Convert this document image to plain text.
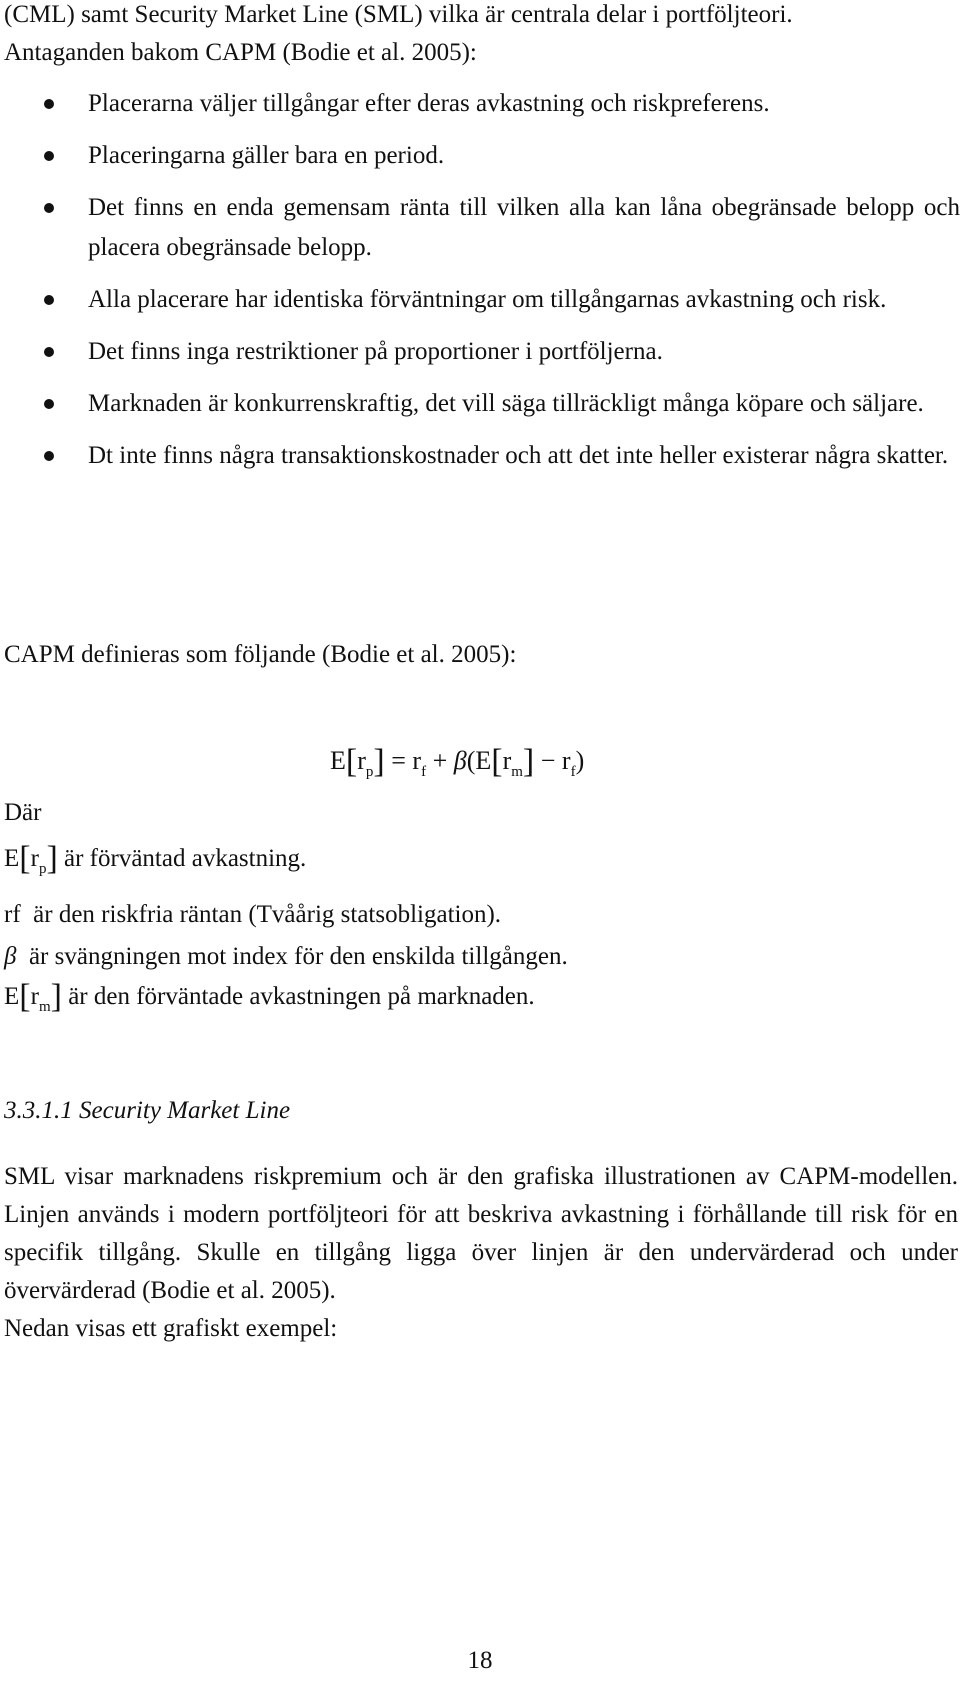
(CML) samt Security Market Line (SML) vilka är centrala delar i portföljteori.
Antaganden bakom CAPM (Bodie et al. 2005):
Placerarna väljer tillgångar efter deras avkastning och riskpreferens.
Placeringarna gäller bara en period.
Det finns en enda gemensam ränta till vilken alla kan låna obegränsade belopp och placera obegränsade belopp.
Alla placerare har identiska förväntningar om tillgångarnas avkastning och risk.
Det finns inga restriktioner på proportioner i portföljerna.
Marknaden är konkurrenskraftig, det vill säga tillräckligt många köpare och säljare.
Dt inte finns några transaktionskostnader och att det inte heller existerar några skatter.
CAPM definieras som följande (Bodie et al. 2005):
$E[r_p] = r_f + \beta(E[r_m] - r_f)$
Där
$E[r_p]$ är förväntad avkastning.
rf är den riskfria räntan (Tvåårig statsobligation).
β är svängningen mot index för den enskilda tillgången.
$E[r_m]$ är den förväntade avkastningen på marknaden.
3.3.1.1 Security Market Line
SML visar marknadens riskpremium och är den grafiska illustrationen av CAPM-modellen. Linjen används i modern portföljteori för att beskriva avkastning i förhållande till risk för en specifik tillgång. Skulle en tillgång ligga över linjen är den undervärderad och under övervärderad (Bodie et al. 2005).
Nedan visas ett grafiskt exempel:
18
